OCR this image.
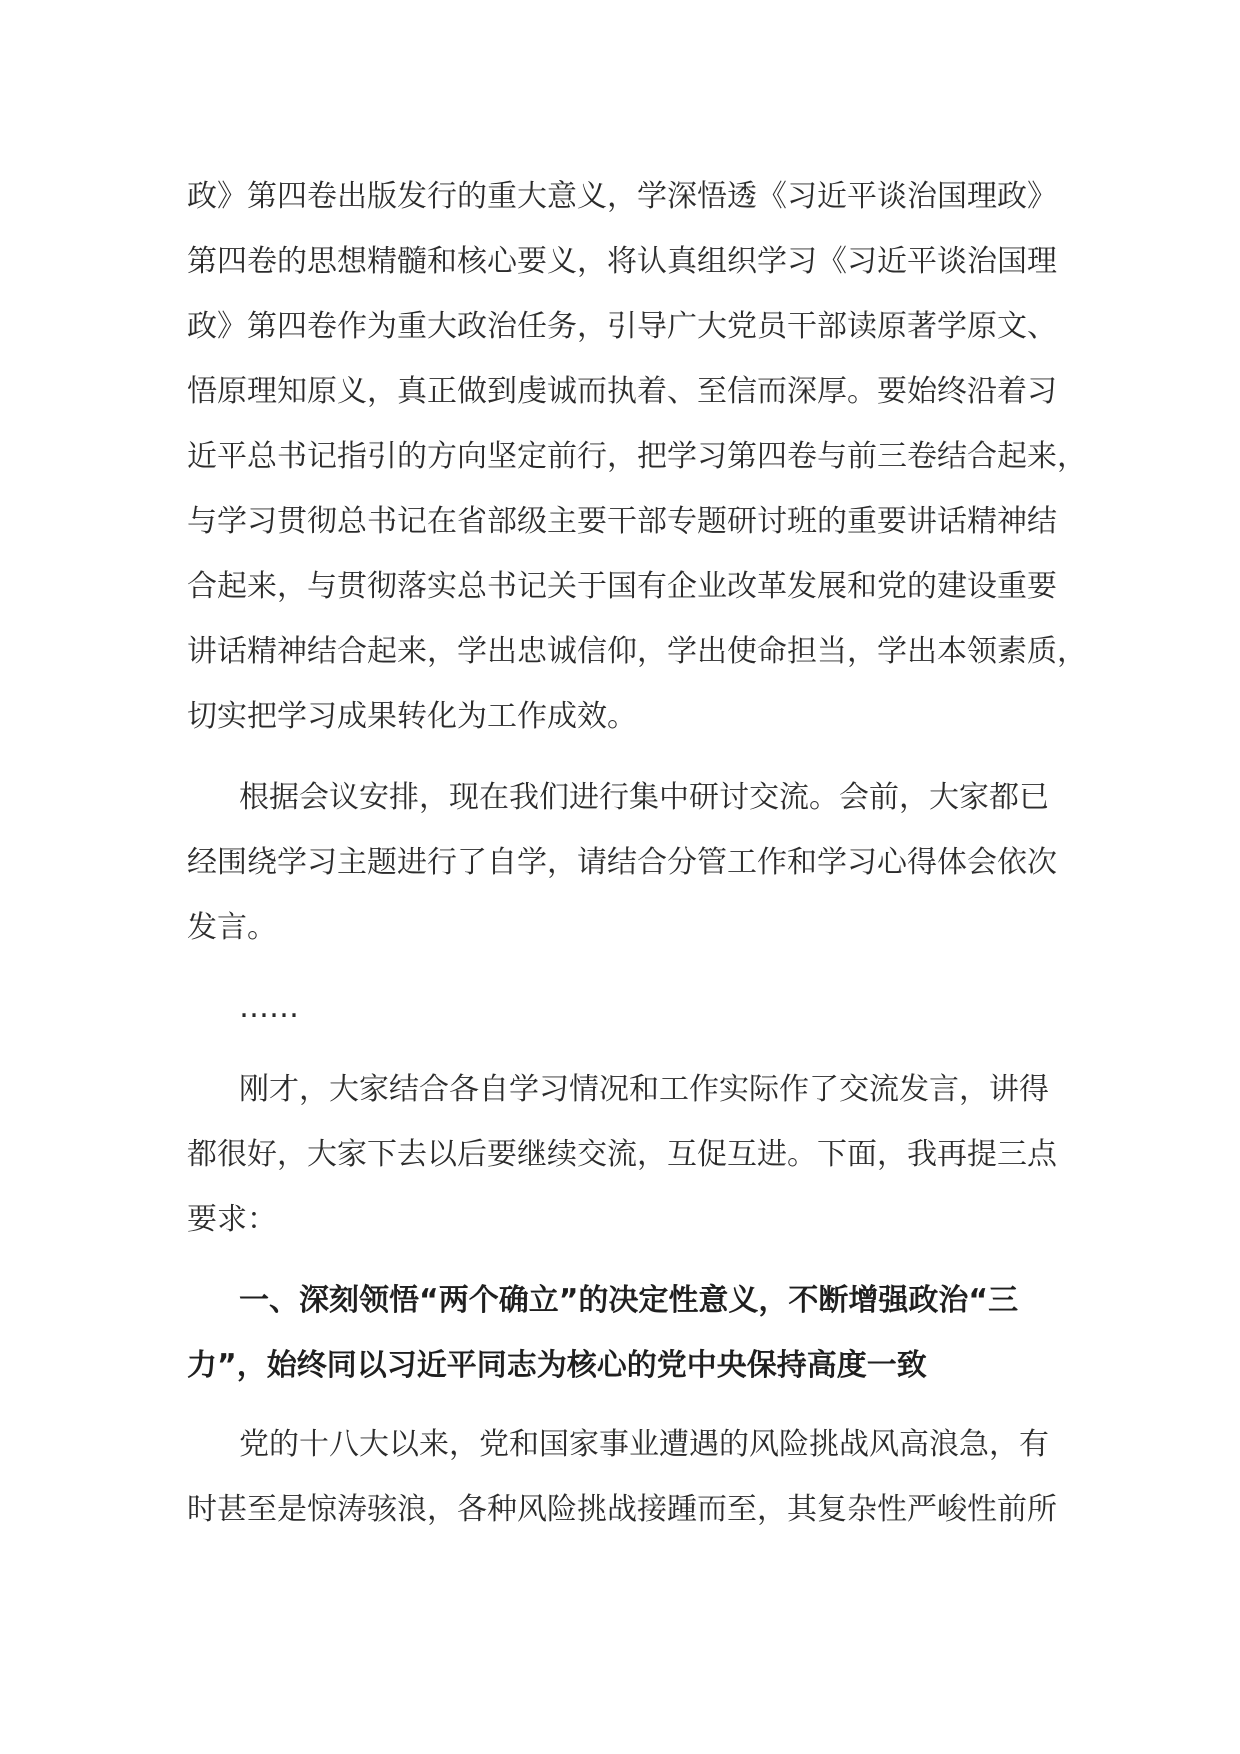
政》第四卷出版发行的重大意义，学深悟透《习近平谈治国理政》
第四卷的思想精髓和核心要义，将认真组织学习《习近平谈治国理
政》第四卷作为重大政治任务，引导广大党员干部读原著学原文、
悟原理知原义，真正做到虔诚而执着、至信而深厚。要始终沿着习
近平总书记指引的方向坚定前行，把学习第四卷与前三卷结合起来，
与学习贯彻总书记在省部级主要干部专题研讨班的重要讲话精神结
合起来，与贯彻落实总书记关于国有企业改革发展和党的建设重要
讲话精神结合起来，学出忠诚信仰，学出使命担当，学出本领素质，
切实把学习成果转化为工作成效。
根据会议安排，现在我们进行集中研讨交流。会前，大家都已
经围绕学习主题进行了自学，请结合分管工作和学习心得体会依次
发言。
……
刚才，大家结合各自学习情况和工作实际作了交流发言，讲得
都很好，大家下去以后要继续交流，互促互进。下面，我再提三点
要求：
一、深刻领悟“两个确立”的决定性意义，不断增强政治“三
力”，始终同以习近平同志为核心的党中央保持高度一致
党的十八大以来，党和国家事业遭遇的风险挑战风高浪急，有
时甚至是惊涛骇浪，各种风险挑战接踵而至，其复杂性严峻性前所
